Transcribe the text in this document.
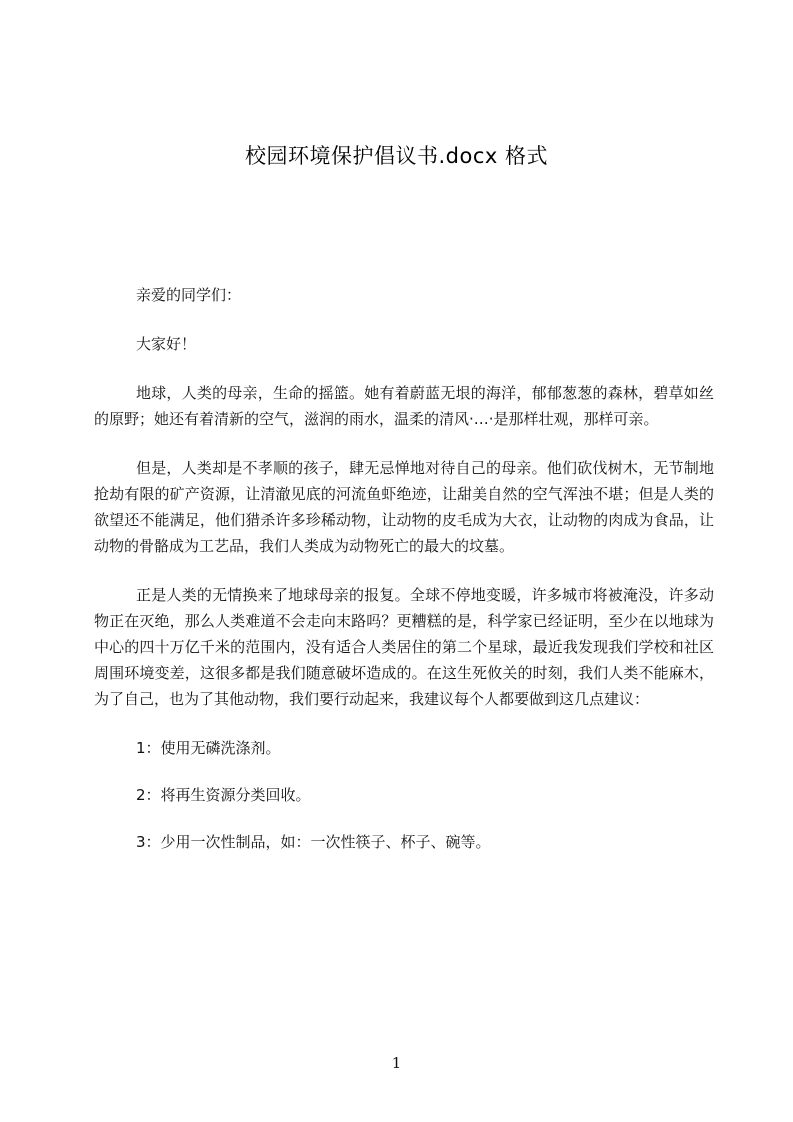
校园环境保护倡议书.docx 格式

亲爱的同学们：

大家好！

地球，人类的母亲，生命的摇篮。她有着蔚蓝无垠的海洋，郁郁葱葱的森林，碧草如丝的原野；她还有着清新的空气，滋润的雨水，温柔的清风·…·是那样壮观，那样可亲。

但是，人类却是不孝顺的孩子，肆无忌惮地对待自己的母亲。他们砍伐树木，无节制地抢劫有限的矿产资源，让清澈见底的河流鱼虾绝迹，让甜美自然的空气浑浊不堪；但是人类的欲望还不能满足，他们猎杀许多珍稀动物，让动物的皮毛成为大衣，让动物的肉成为食品，让动物的骨骼成为工艺品，我们人类成为动物死亡的最大的坟墓。

正是人类的无情换来了地球母亲的报复。全球不停地变暖，许多城市将被淹没，许多动物正在灭绝，那么人类难道不会走向末路吗？更糟糕的是，科学家已经证明，至少在以地球为中心的四十万亿千米的范围内，没有适合人类居住的第二个星球，最近我发现我们学校和社区周围环境变差，这很多都是我们随意破坏造成的。在这生死攸关的时刻，我们人类不能麻木，为了自己，也为了其他动物，我们要行动起来，我建议每个人都要做到这几点建议：

1：使用无磷洗涤剂。

2：将再生资源分类回收。

3：少用一次性制品，如：一次性筷子、杯子、碗等。

1
